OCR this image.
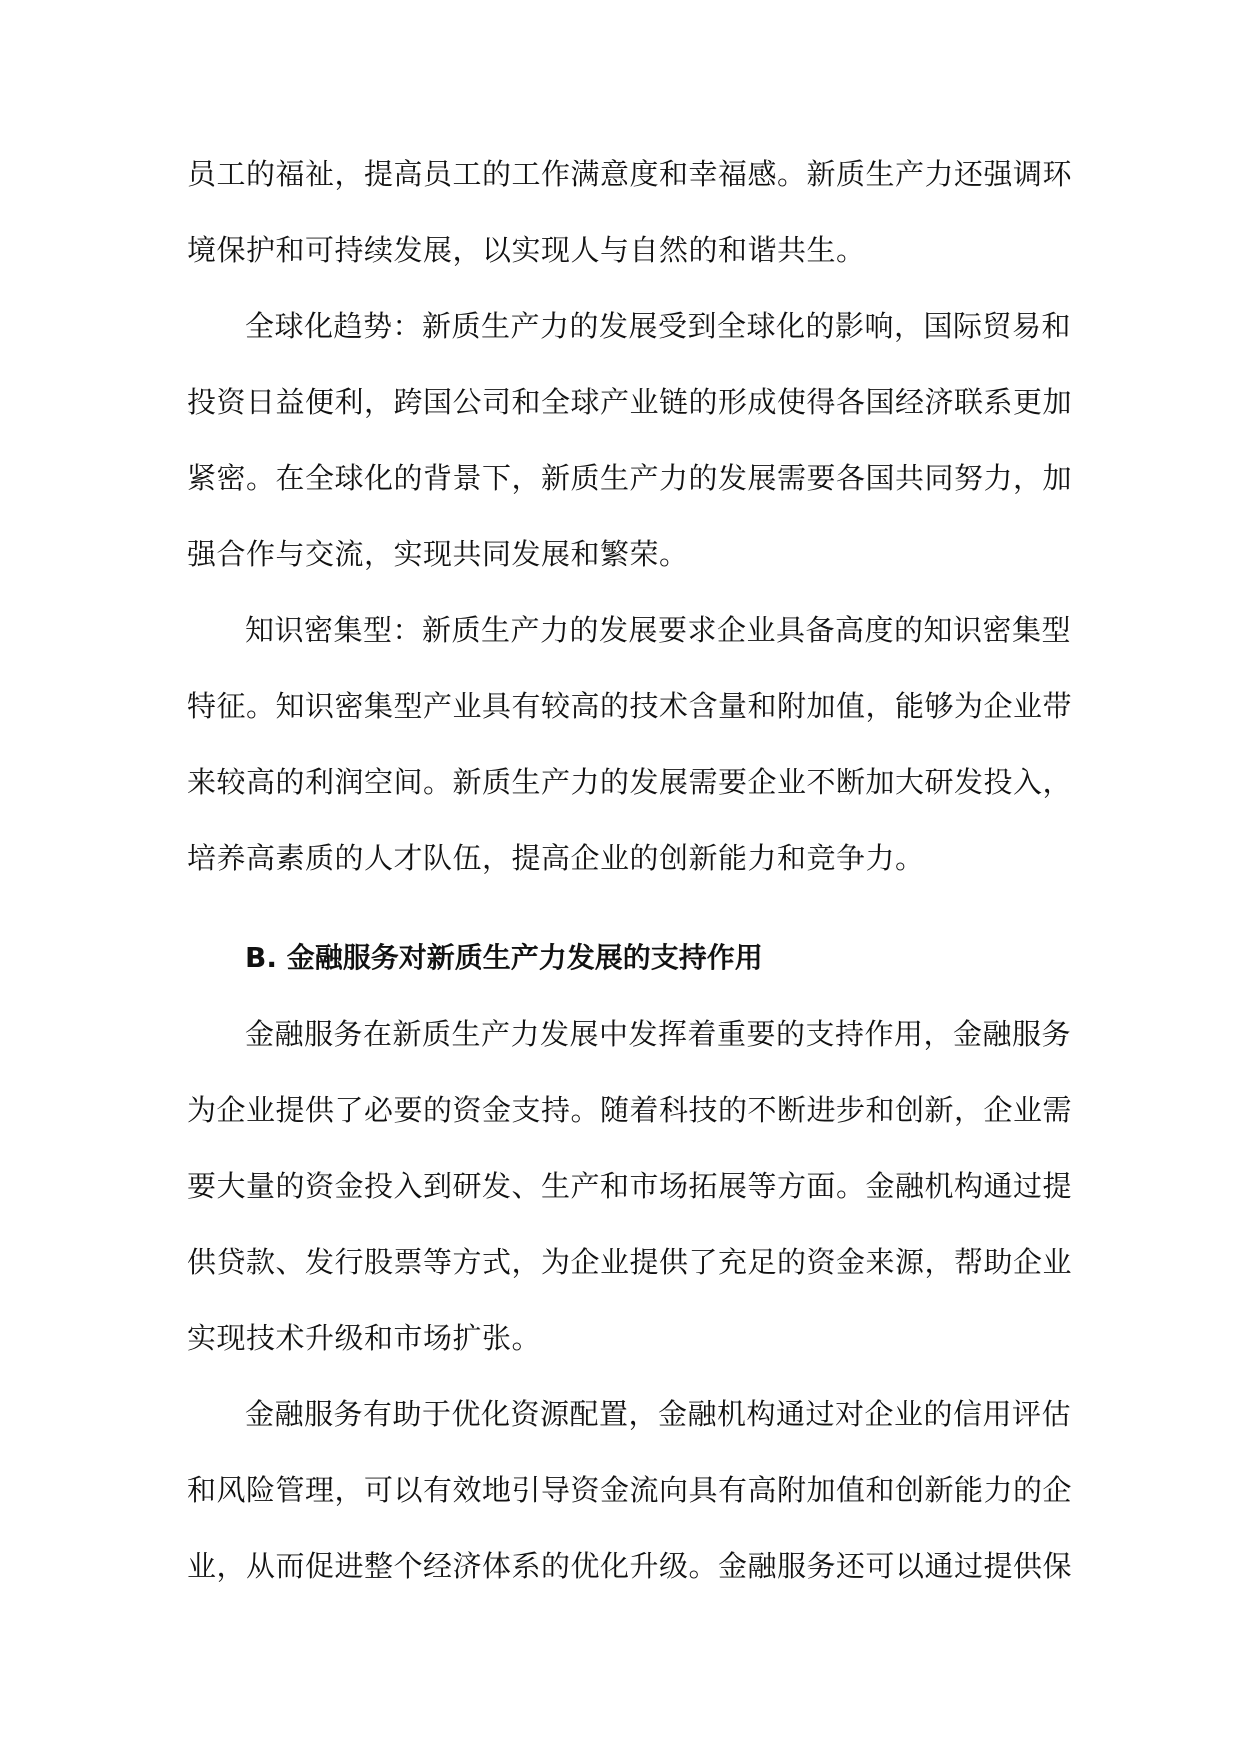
员工的福祉，提高员工的工作满意度和幸福感。新质生产力还强调环
境保护和可持续发展，以实现人与自然的和谐共生。
全球化趋势：新质生产力的发展受到全球化的影响，国际贸易和
投资日益便利，跨国公司和全球产业链的形成使得各国经济联系更加
紧密。在全球化的背景下，新质生产力的发展需要各国共同努力，加
强合作与交流，实现共同发展和繁荣。
知识密集型：新质生产力的发展要求企业具备高度的知识密集型
特征。知识密集型产业具有较高的技术含量和附加值，能够为企业带
来较高的利润空间。新质生产力的发展需要企业不断加大研发投入，
培养高素质的人才队伍，提高企业的创新能力和竞争力。
B. 金融服务对新质生产力发展的支持作用
金融服务在新质生产力发展中发挥着重要的支持作用，金融服务
为企业提供了必要的资金支持。随着科技的不断进步和创新，企业需
要大量的资金投入到研发、生产和市场拓展等方面。金融机构通过提
供贷款、发行股票等方式，为企业提供了充足的资金来源，帮助企业
实现技术升级和市场扩张。
金融服务有助于优化资源配置，金融机构通过对企业的信用评估
和风险管理，可以有效地引导资金流向具有高附加值和创新能力的企
业，从而促进整个经济体系的优化升级。金融服务还可以通过提供保
